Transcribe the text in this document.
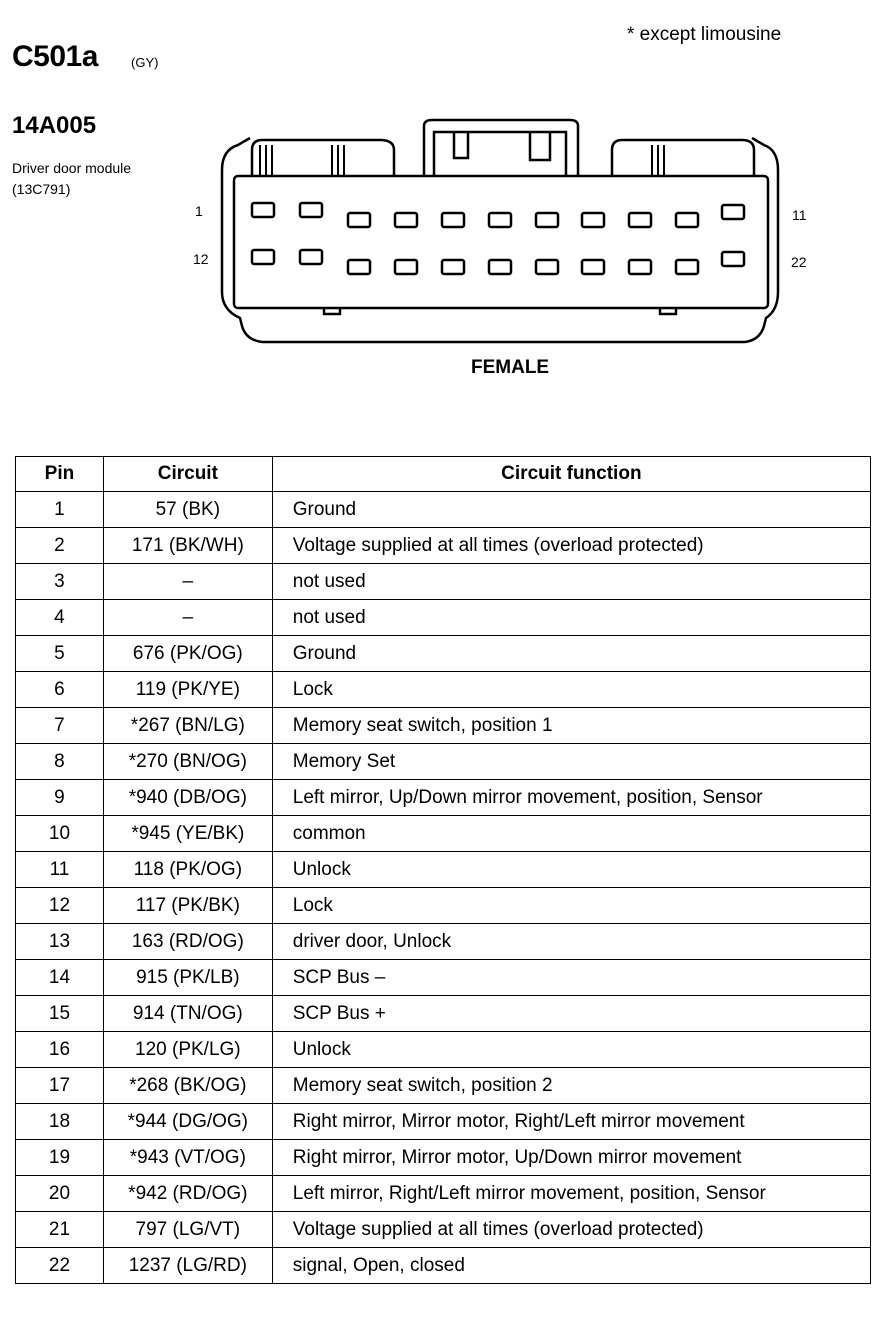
C501a	(GY)
* except limousine
14A005
Driver door module
(13C791)
1
12
11
22
FEMALE
Pin	Circuit	Circuit function
1	57 (BK)	Ground
2	171 (BK/WH)	Voltage supplied at all times (overload protected)
3	–	not used
4	–	not used
5	676 (PK/OG)	Ground
6	119 (PK/YE)	Lock
7	*267 (BN/LG)	Memory seat switch, position 1
8	*270 (BN/OG)	Memory Set
9	*940 (DB/OG)	Left mirror, Up/Down mirror movement, position, Sensor
10	*945 (YE/BK)	common
11	118 (PK/OG)	Unlock
12	117 (PK/BK)	Lock
13	163 (RD/OG)	driver door, Unlock
14	915 (PK/LB)	SCP Bus –
15	914 (TN/OG)	SCP Bus +
16	120 (PK/LG)	Unlock
17	*268 (BK/OG)	Memory seat switch, position 2
18	*944 (DG/OG)	Right mirror, Mirror motor, Right/Left mirror movement
19	*943 (VT/OG)	Right mirror, Mirror motor, Up/Down mirror movement
20	*942 (RD/OG)	Left mirror, Right/Left mirror movement, position, Sensor
21	797 (LG/VT)	Voltage supplied at all times (overload protected)
22	1237 (LG/RD)	signal, Open, closed
